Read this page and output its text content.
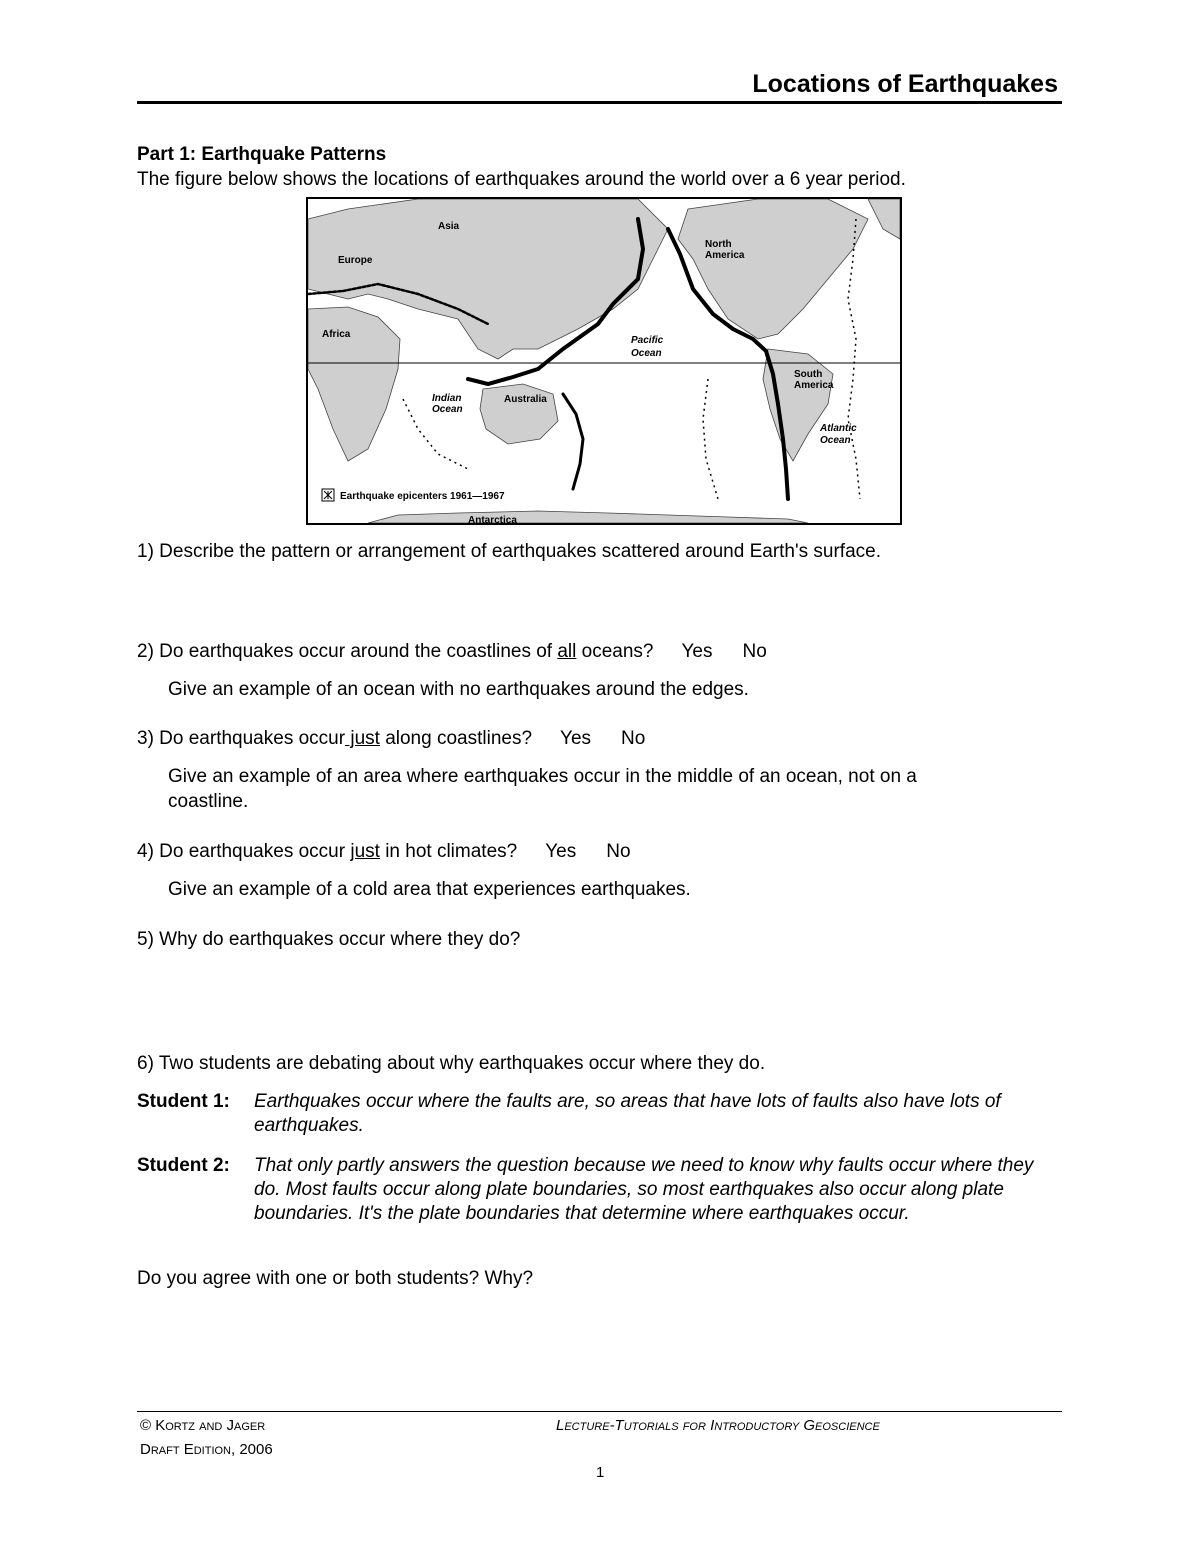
Locations of Earthquakes
Part 1: Earthquake Patterns
The figure below shows the locations of earthquakes around the world over a 6 year period.
Asia
Europe
Africa
North
America
Pacific
Ocean
South
America
Indian
Ocean
Australia
Atlantic
Ocean
Antarctica
Earthquake epicenters 1961—1967
1) Describe the pattern or arrangement of earthquakes scattered around Earth's surface.
2) Do earthquakes occur around the coastlines of all oceans? Yes No
Give an example of an ocean with no earthquakes around the edges.
3) Do earthquakes occur just along coastlines? Yes No
Give an example of an area where earthquakes occur in the middle of an ocean, not on a
coastline.
4) Do earthquakes occur just in hot climates? Yes No
Give an example of a cold area that experiences earthquakes.
5) Why do earthquakes occur where they do?
6) Two students are debating about why earthquakes occur where they do.
Student 1: Earthquakes occur where the faults are, so areas that have lots of faults also have lots of earthquakes.
Student 2: That only partly answers the question because we need to know why faults occur where they do. Most faults occur along plate boundaries, so most earthquakes also occur along plate boundaries. It's the plate boundaries that determine where earthquakes occur.
Do you agree with one or both students? Why?
© Kortz and Jager
Draft Edition, 2006
Lecture-Tutorials for Introductory Geoscience
1
